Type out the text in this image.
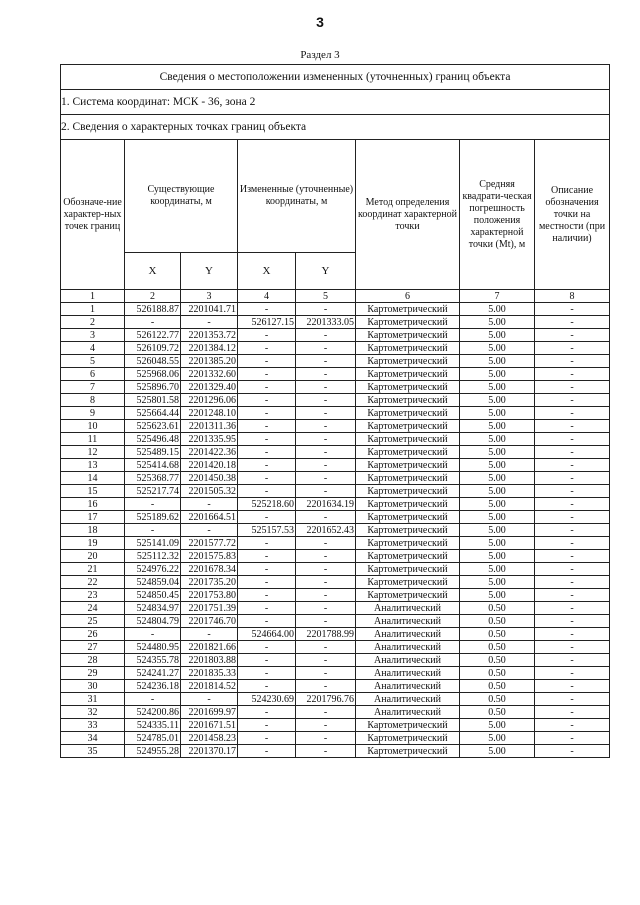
3
Раздел 3
Сведения о местоположении измененных (уточненных) границ объекта							
1. Система координат: МСК - 36, зона 2							
2. Сведения о характерных точках границ объекта							
Обозначе-ние характер-ных точек границ	Существующие координаты, м		Измененные (уточненные) координаты, м		Метод определения координат характерной точки	Средняя квадрати-ческая погрешность положения характерной точки (Mt), м	Описание обозначения точки на местности (при наличии)
	X	Y	X	Y			
1	2	3	4	5	6	7	8
1	526188.87	2201041.71	-	-	Картометрический	5.00	-
2	-	-	526127.15	2201333.05	Картометрический	5.00	-
3	526122.77	2201353.72	-	-	Картометрический	5.00	-
4	526109.72	2201384.12	-	-	Картометрический	5.00	-
5	526048.55	2201385.20	-	-	Картометрический	5.00	-
6	525968.06	2201332.60	-	-	Картометрический	5.00	-
7	525896.70	2201329.40	-	-	Картометрический	5.00	-
8	525801.58	2201296.06	-	-	Картометрический	5.00	-
9	525664.44	2201248.10	-	-	Картометрический	5.00	-
10	525623.61	2201311.36	-	-	Картометрический	5.00	-
11	525496.48	2201335.95	-	-	Картометрический	5.00	-
12	525489.15	2201422.36	-	-	Картометрический	5.00	-
13	525414.68	2201420.18	-	-	Картометрический	5.00	-
14	525368.77	2201450.38	-	-	Картометрический	5.00	-
15	525217.74	2201505.32	-	-	Картометрический	5.00	-
16	-	-	525218.60	2201634.19	Картометрический	5.00	-
17	525189.62	2201664.51	-	-	Картометрический	5.00	-
18	-	-	525157.53	2201652.43	Картометрический	5.00	-
19	525141.09	2201577.72	-	-	Картометрический	5.00	-
20	525112.32	2201575.83	-	-	Картометрический	5.00	-
21	524976.22	2201678.34	-	-	Картометрический	5.00	-
22	524859.04	2201735.20	-	-	Картометрический	5.00	-
23	524850.45	2201753.80	-	-	Картометрический	5.00	-
24	524834.97	2201751.39	-	-	Аналитический	0.50	-
25	524804.79	2201746.70	-	-	Аналитический	0.50	-
26	-	-	524664.00	2201788.99	Аналитический	0.50	-
27	524480.95	2201821.66	-	-	Аналитический	0.50	-
28	524355.78	2201803.88	-	-	Аналитический	0.50	-
29	524241.27	2201835.33	-	-	Аналитический	0.50	-
30	524236.18	2201814.52	-	-	Аналитический	0.50	-
31	-	-	524230.69	2201796.76	Аналитический	0.50	-
32	524200.86	2201699.97	-	-	Аналитический	0.50	-
33	524335.11	2201671.51	-	-	Картометрический	5.00	-
34	524785.01	2201458.23	-	-	Картометрический	5.00	-
35	524955.28	2201370.17	-	-	Картометрический	5.00	-
